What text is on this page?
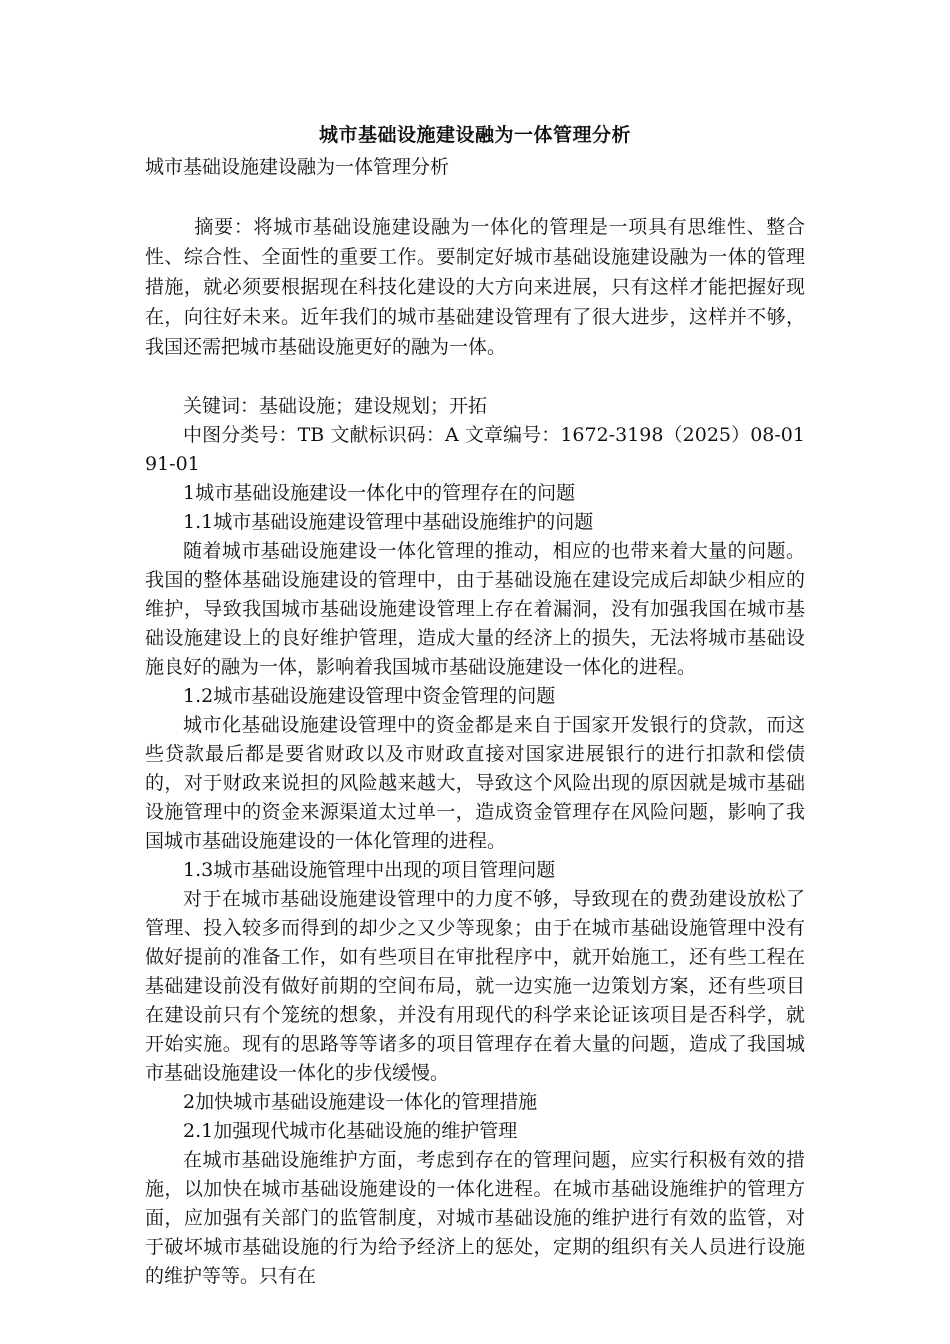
城市基础设施建设融为一体管理分析
城市基础设施建设融为一体管理分析

摘要：将城市基础设施建设融为一体化的管理是一项具有思维性、整合性、综合性、全面性的重要工作。要制定好城市基础设施建设融为一体的管理措施，就必须要根据现在科技化建设的大方向来进展，只有这样才能把握好现在，向往好未来。近年我们的城市基础建设管理有了很大进步，这样并不够，我国还需把城市基础设施更好的融为一体。

关键词：基础设施；建设规划；开拓

中图分类号：TB 文献标识码：A 文章编号：1672-3198（2025）08-0191-01

1城市基础设施建设一体化中的管理存在的问题

1.1城市基础设施建设管理中基础设施维护的问题

随着城市基础设施建设一体化管理的推动，相应的也带来着大量的问题。我国的整体基础设施建设的管理中，由于基础设施在建设完成后却缺少相应的维护，导致我国城市基础设施建设管理上存在着漏洞，没有加强我国在城市基础设施建设上的良好维护管理，造成大量的经济上的损失，无法将城市基础设施良好的融为一体，影响着我国城市基础设施建设一体化的进程。

1.2城市基础设施建设管理中资金管理的问题

城市化基础设施建设管理中的资金都是来自于国家开发银行的贷款，而这些贷款最后都是要省财政以及市财政直接对国家进展银行的进行扣款和偿债的，对于财政来说担的风险越来越大，导致这个风险出现的原因就是城市基础设施管理中的资金来源渠道太过单一，造成资金管理存在风险问题，影响了我国城市基础设施建设的一体化管理的进程。

1.3城市基础设施管理中出现的项目管理问题

对于在城市基础设施建设管理中的力度不够，导致现在的费劲建设放松了管理、投入较多而得到的却少之又少等现象；由于在城市基础设施管理中没有做好提前的准备工作，如有些项目在审批程序中，就开始施工，还有些工程在基础建设前没有做好前期的空间布局，就一边实施一边策划方案，还有些项目在建设前只有个笼统的想象，并没有用现代的科学来论证该项目是否科学，就开始实施。现有的思路等等诸多的项目管理存在着大量的问题，造成了我国城市基础设施建设一体化的步伐缓慢。

2加快城市基础设施建设一体化的管理措施

2.1加强现代城市化基础设施的维护管理

在城市基础设施维护方面，考虑到存在的管理问题，应实行积极有效的措施，以加快在城市基础设施建设的一体化进程。在城市基础设施维护的管理方面，应加强有关部门的监管制度，对城市基础设施的维护进行有效的监管，对于破坏城市基础设施的行为给予经济上的惩处，定期的组织有关人员进行设施的维护等等。只有在
